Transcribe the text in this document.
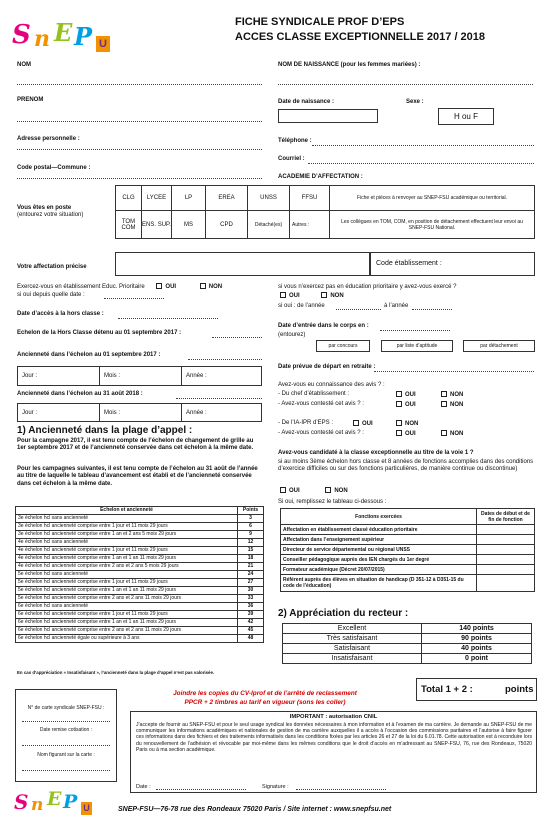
S n E P U
FICHE SYNDICALE PROF D’EPS
ACCES CLASSE EXCEPTIONNELLE 2017 / 2018
NOM	NOM DE NAISSANCE (pour les femmes mariées) :
PRENOM	Date de naissance :	Sexe :
H ou F
Adresse personnelle :	Téléphone :
Courriel :
Code postal—Commune :
ACADEMIE D’AFFECTATION :
Vous êtes en poste
(entourez votre situation)
CLG	LYCEE	LP	EREA	UNSS	FFSU	Fiche et pièces à renvoyer au SNEP-FSU académique ou territorial.
TOM COM	ENS. SUP.	MS	CPD	Détaché(es)	Autres :	Les collègues en TOM, COM, en position de détachement effectuent leur envoi au SNEP-FSU National.
Votre affectation précise	Code établissement :
Exercez-vous en établissement Educ. Prioritaire	OUI	NON
si oui depuis quelle date :
Date d’accès à la hors classe :
Echelon de la Hors Classe détenu au 01 septembre 2017 :
Ancienneté dans l’échelon au 01 septembre 2017 :
Jour :	Mois :	Année :
Ancienneté dans l’échelon au 31 août 2018 :
Jour :	Mois :	Année :
1) Ancienneté dans la plage d’appel :
Pour la campagne 2017, il est tenu compte de l’échelon de changement de grille au 1er septembre 2017 et de l’ancienneté conservée dans cet échelon à la même date.
Pour les campagnes suivantes, il est tenu compte de l’échelon au 31 août de l’année au titre de laquelle le tableau d’avancement est établi et de l’ancienneté conservée dans cet échelon à la même date.
Echelon et ancienneté	Points
3e échelon hcl sans ancienneté	3
3e échelon hcl ancienneté comprise entre 1 jour et 11 mois 29 jours	6
3e échelon hcl ancienneté comprise entre 1 an et 2 ans 5 mois 29 jours	9
4e échelon hcl sans ancienneté	12
4e échelon hcl ancienneté comprise entre 1 jour et 11 mois 29 jours	15
4e échelon hcl ancienneté comprise entre 1 an et 1 an 11 mois 29 jours	18
4e échelon hcl ancienneté comprise entre 2 ans et 2 ans 5 mois 29 jours	21
5e échelon hcl sans ancienneté	24
5e échelon hcl ancienneté comprise entre 1 jour et 11 mois 29 jours	27
5e échelon hcl ancienneté comprise entre 1 an et 1 an 11 mois 29 jours	30
5e échelon hcl ancienneté comprise entre 2 ans et 2 ans 11 mois 29 jours	33
6e échelon hcl sans ancienneté	36
6e échelon hcl ancienneté comprise entre 1 jour et 11 mois 29 jours	39
6e échelon hcl ancienneté comprise entre 1 an et 1 an 11 mois 29 jours	42
6e échelon hcl ancienneté comprise entre 2 ans et 2 ans 11 mois 29 jours	45
6e échelon hcl ancienneté égale ou supérieure à 3 ans	48
En cas d’appréciation « Insatisfaisant », l’ancienneté dans la plage d’appel n’est pas valorisée.
si vous n’exercez pas en éducation prioritaire y avez-vous exercé ?
OUI	NON
si oui : de l’année	à l’année
Date d’entrée dans le corps en :
(entourez)
par concours	par liste d’aptitude	par détachement
Date prévue de départ en retraite :
Avez-vous eu connaissance des avis ? :
- Du chef d’établissement :	OUI	NON
- Avez-vous contesté cet avis ? :	OUI	NON
- De l’IA-IPR d’EPS :	OUI	NON
- Avez-vous contesté cet avis ? :	OUI	NON
Avez-vous candidaté à la classe exceptionnelle au titre de la voie 1 ?
si au moins 3ème échelon hors classe et 8 années de fonctions accomplies dans des conditions d’exercice difficiles ou sur des fonctions particulières, de manière continue ou discontinue)
OUI	NON
Si oui, remplissez le tableau ci-dessous :
Fonctions exercées	Dates de début et de fin de fonction
Affectation en établissement classé éducation prioritaire	
Affectation dans l’enseignement supérieur	
Directeur de service départemental ou régional UNSS	
Conseiller pédagogique auprès des IEN chargés du 1er degré	
Formateur académique (Décret 20/07/2015)	
Référent auprès des élèves en situation de handicap (D 351-12 à D351-15 du code de l’éducation)	
2) Appréciation du recteur :
Excellent	140 points
Très satisfaisant	90 points
Satisfaisant	40 points
Insatisfaisant	0 point
Total 1 + 2 :	points
Joindre les copies du CV-Iprof et de l’arrêté de reclassement
PPCR + 2 timbres au tarif en vigueur (sons les coller)
N° de carte syndicale SNEP-FSU :
Date remise cotisation :
Nom figurant sur la carte :
IMPORTANT : autorisation CNIL
J’accepte de fournir au SNEP-FSU et pour le seul usage syndical les données nécessaires à mon information et à l’examen de ma carrière. Je demande au SNEP-FSU de me communiquer les informations académiques et nationales de gestion de ma carrière auxquelles il a accès à l’occasion des commissions paritaires et l’autorise à faire figurer ces informations dans des fichiers et des traitements informatisés dans les conditions fixées par les articles 26 et 27 de la loi du 6.01.78. Cette autorisation est à reconduire lors du renouvellement de l’adhésion et révocable par moi-même dans les mêmes conditions que le droit d’accès en m’adressant au SNEP-FSU, 76, rue des Rondeaux, 75020 Paris ou à ma section académique.
Date :	Signature :
S n E P U	SNEP-FSU—76-78 rue des Rondeaux 75020 Paris / Site internet : www.snepfsu.net
